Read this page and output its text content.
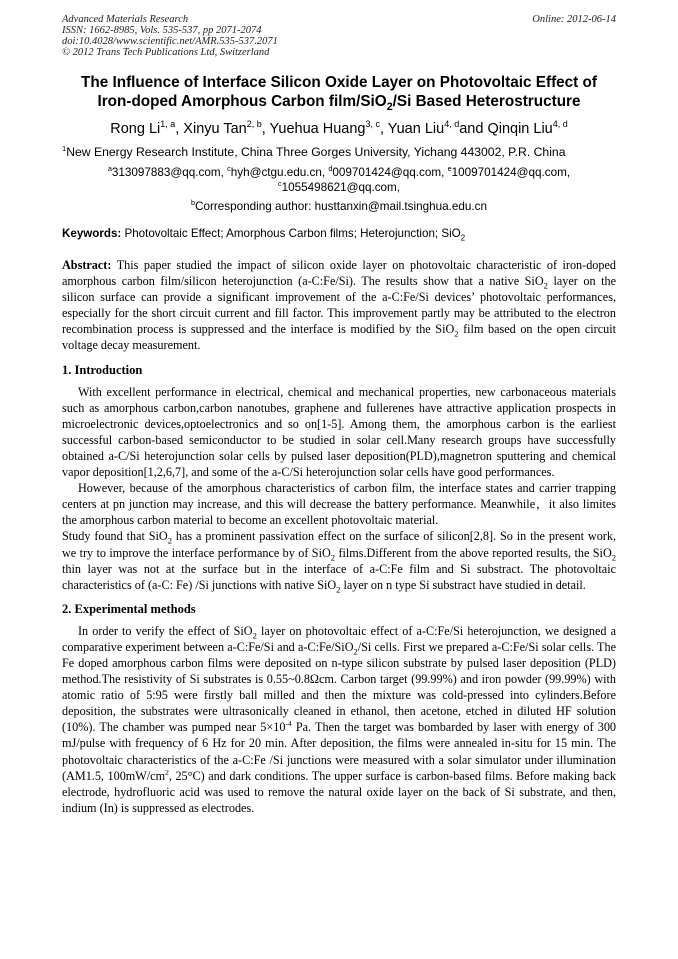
Advanced Materials Research
ISSN: 1662-8985, Vols. 535-537, pp 2071-2074
doi:10.4028/www.scientific.net/AMR.535-537.2071
© 2012 Trans Tech Publications Ltd, Switzerland
Online: 2012-06-14
The Influence of Interface Silicon Oxide Layer on Photovoltaic Effect of
Iron-doped Amorphous Carbon film/SiO$_2$/Si Based Heterostructure
Rong Li$^{1, a}$, Xinyu Tan$^{2, b}$, Yuehua Huang$^{3, c}$, Yuan Liu$^{4, d}$and Qinqin Liu$^{4, d}$
$^1$New Energy Research Institute, China Three Gorges University, Yichang 443002, P.R. China
$^a$313097883@qq.com, $^c$hyh@ctgu.edu.cn, $^d$009701424@qq.com, $^e$1009701424@qq.com,
$^c$1055498621@qq.com,
$^b$Corresponding author: husttanxin@mail.tsinghua.edu.cn
Keywords: Photovoltaic Effect; Amorphous Carbon films; Heterojunction; SiO$_2$

Abstract: This paper studied the impact of silicon oxide layer on photovoltaic characteristic of iron-doped amorphous carbon film/silicon heterojunction (a-C:Fe/Si). The results show that a native SiO$_2$ layer on the silicon surface can provide a significant improvement of the a-C:Fe/Si devices’ photovoltaic performances, especially for the short circuit current and fill factor. This improvement partly may be attributed to the electron recombination process is suppressed and the interface is modified by the SiO$_2$ film based on the open circuit voltage decay measurement.

1. Introduction

With excellent performance in electrical, chemical and mechanical properties, new carbonaceous materials such as amorphous carbon,carbon nanotubes, graphene and fullerenes have attractive application prospects in microelectronic devices,optoelectronics and so on[1-5]. Among them, the amorphous carbon is the earliest successful carbon-based semiconductor to be studied in solar cell.Many research groups have successfully obtained a-C/Si heterojunction solar cells by pulsed laser deposition(PLD),magnetron sputtering and chemical vapor deposition[1,2,6,7], and some of the a-C/Si heterojunction solar cells have good performances.

However, because of the amorphous characteristics of carbon film, the interface states and carrier trapping centers at pn junction may increase, and this will decrease the battery performance. Meanwhile，it also limites the amorphous carbon material to become an excellent photovoltaic material.

Study found that SiO$_2$ has a prominent passivation effect on the surface of silicon[2,8]. So in the present work, we try to improve the interface performance by of SiO$_2$ films.Different from the above reported results, the SiO$_2$ thin layer was not at the surface but in the interface of a-C:Fe film and Si substract. The photovoltaic characteristics of (a-C: Fe) /Si junctions with native SiO$_2$ layer on n type Si substract have studied in detail.

2. Experimental methods

In order to verify the effect of SiO$_2$ layer on photovoltaic effect of a-C:Fe/Si heterojunction, we designed a comparative experiment between a-C:Fe/Si and a-C:Fe/SiO$_2$/Si cells. First we prepared a-C:Fe/Si solar cells. The Fe doped amorphous carbon films were deposited on n-type silicon substrate by pulsed laser deposition (PLD) method.The resistivity of Si substrates is 0.55~0.8Ωcm. Carbon target (99.99%) and iron powder (99.99%) with atomic ratio of 5:95 were firstly ball milled and then the mixture was cold-pressed into cylinders.Before deposition, the substrates were ultrasonically cleaned in ethanol, then acetone, etched in diluted HF solution (10%). The chamber was pumped near $5\times 10^{-4}$ Pa. Then the target was bombarded by laser with energy of 300 mJ/pulse with frequency of 6 Hz for 20 min. After deposition, the films were annealed in-situ for 15 min. The photovoltaic characteristics of the a-C:Fe /Si junctions were measured with a solar simulator under illumination (AM1.5, $100mW/cm^2$, 25°C) and dark conditions. The upper surface is carbon-based films. Before making back electrode, hydrofluoric acid was used to remove the natural oxide layer on the back of Si substrate, and then, indium (In) is suppressed as electrodes.
